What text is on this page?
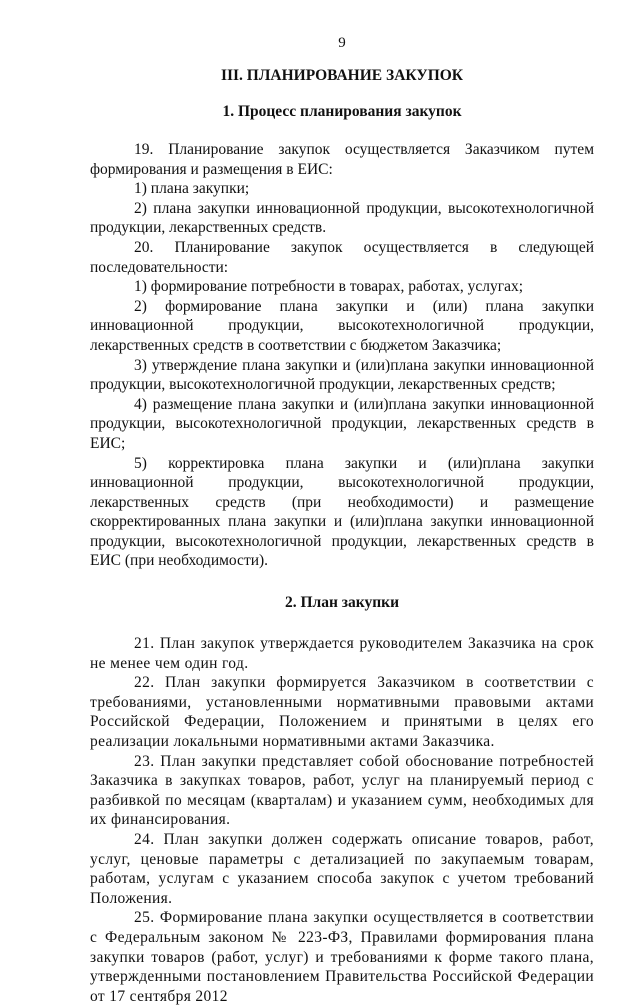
9
III. ПЛАНИРОВАНИЕ ЗАКУПОК
1. Процесс планирования закупок

19. Планирование закупок осуществляется Заказчиком путем формирования и размещения в ЕИС:

1) плана закупки;

2) плана закупки инновационной продукции, высокотехнологичной продукции, лекарственных средств.

20. Планирование закупок осуществляется в следующей последовательности:

1) формирование потребности в товарах, работах, услугах;

2) формирование плана закупки и (или) плана закупки инновационной продукции, высокотехнологичной продукции, лекарственных средств в соответствии с бюджетом Заказчика;

3) утверждение плана закупки и (или)плана закупки инновационной продукции, высокотехнологичной продукции, лекарственных средств;

4) размещение плана закупки и (или)плана закупки инновационной продукции, высокотехнологичной продукции, лекарственных средств в ЕИС;

5) корректировка плана закупки и (или)плана закупки инновационной продукции, высокотехнологичной продукции, лекарственных средств (при необходимости) и размещение скорректированных плана закупки и (или)плана закупки инновационной продукции, высокотехнологичной продукции, лекарственных средств в ЕИС (при необходимости).

2. План закупки

21. План закупок утверждается руководителем Заказчика на срок не менее чем один год.

22. План закупки формируется Заказчиком в соответствии с требованиями, установленными нормативными правовыми актами Российской Федерации, Положением и принятыми в целях его реализации локальными нормативными актами Заказчика.

23. План закупки представляет собой обоснование потребностей Заказчика в закупках товаров, работ, услуг на планируемый период с разбивкой по месяцам (кварталам) и указанием сумм, необходимых для их финансирования.

24. План закупки должен содержать описание товаров, работ, услуг, ценовые параметры с детализацией по закупаемым товарам, работам, услугам с указанием способа закупок с учетом требований Положения.

25. Формирование плана закупки осуществляется в соответствии с Федеральным законом № 223-ФЗ, Правилами формирования плана закупки товаров (работ, услуг) и требованиями к форме такого плана, утвержденными постановлением Правительства Российской Федерации от 17 сентября 2012
